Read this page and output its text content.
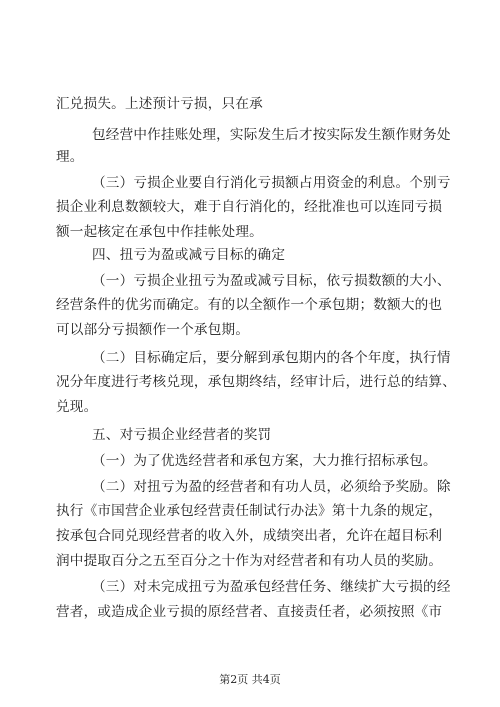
汇兑损失。上述预计亏损，只在承
包经营中作挂账处理，实际发生后才按实际发生额作财务处
理。
（三）亏损企业要自行消化亏损额占用资金的利息。个别亏
损企业利息数额较大，难于自行消化的，经批准也可以连同亏损
额一起核定在承包中作挂帐处理。
四、扭亏为盈或减亏目标的确定
（一）亏损企业扭亏为盈或减亏目标，依亏损数额的大小、
经营条件的优劣而确定。有的以全额作一个承包期；数额大的也
可以部分亏损额作一个承包期。
（二）目标确定后，要分解到承包期内的各个年度，执行情
况分年度进行考核兑现，承包期终结，经审计后，进行总的结算、
兑现。
五、对亏损企业经营者的奖罚
（一）为了优选经营者和承包方案，大力推行招标承包。
（二）对扭亏为盈的经营者和有功人员，必须给予奖励。除
执行《市国营企业承包经营责任制试行办法》第十九条的规定，
按承包合同兑现经营者的收入外，成绩突出者，允许在超目标利
润中提取百分之五至百分之十作为对经营者和有功人员的奖励。
（三）对未完成扭亏为盈承包经营任务、继续扩大亏损的经
营者，或造成企业亏损的原经营者、直接责任者，必须按照《市
第2页 共4页
